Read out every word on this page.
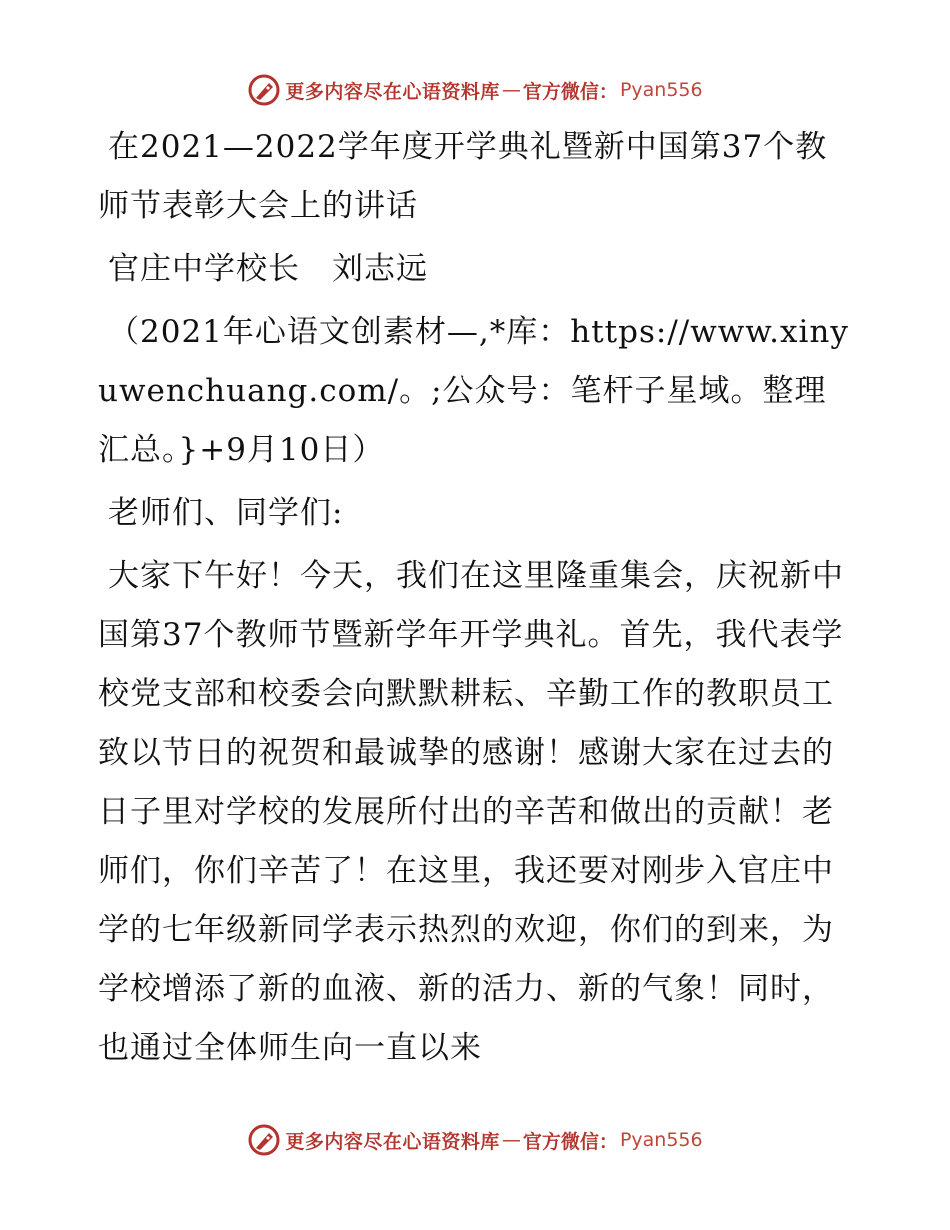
更多内容尽在心语资料库 — 官方微信： Pyan556

在2021—2022学年度开学典礼暨新中国第37个教师节表彰大会上的讲话

官庄中学校长　刘志远

（2021年心语文创素材—,*库：https://www.xinyuwenchuang.com/。;公众号：笔杆子星域。整理汇总。}+9月10日）

老师们、同学们:

大家下午好！今天，我们在这里隆重集会，庆祝新中国第37个教师节暨新学年开学典礼。首先，我代表学校党支部和校委会向默默耕耘、辛勤工作的教职员工致以节日的祝贺和最诚挚的感谢！感谢大家在过去的日子里对学校的发展所付出的辛苦和做出的贡献！老师们，你们辛苦了！在这里，我还要对刚步入官庄中学的七年级新同学表示热烈的欢迎，你们的到来，为学校增添了新的血液、新的活力、新的气象！同时，也通过全体师生向一直以来

更多内容尽在心语资料库 — 官方微信： Pyan556
